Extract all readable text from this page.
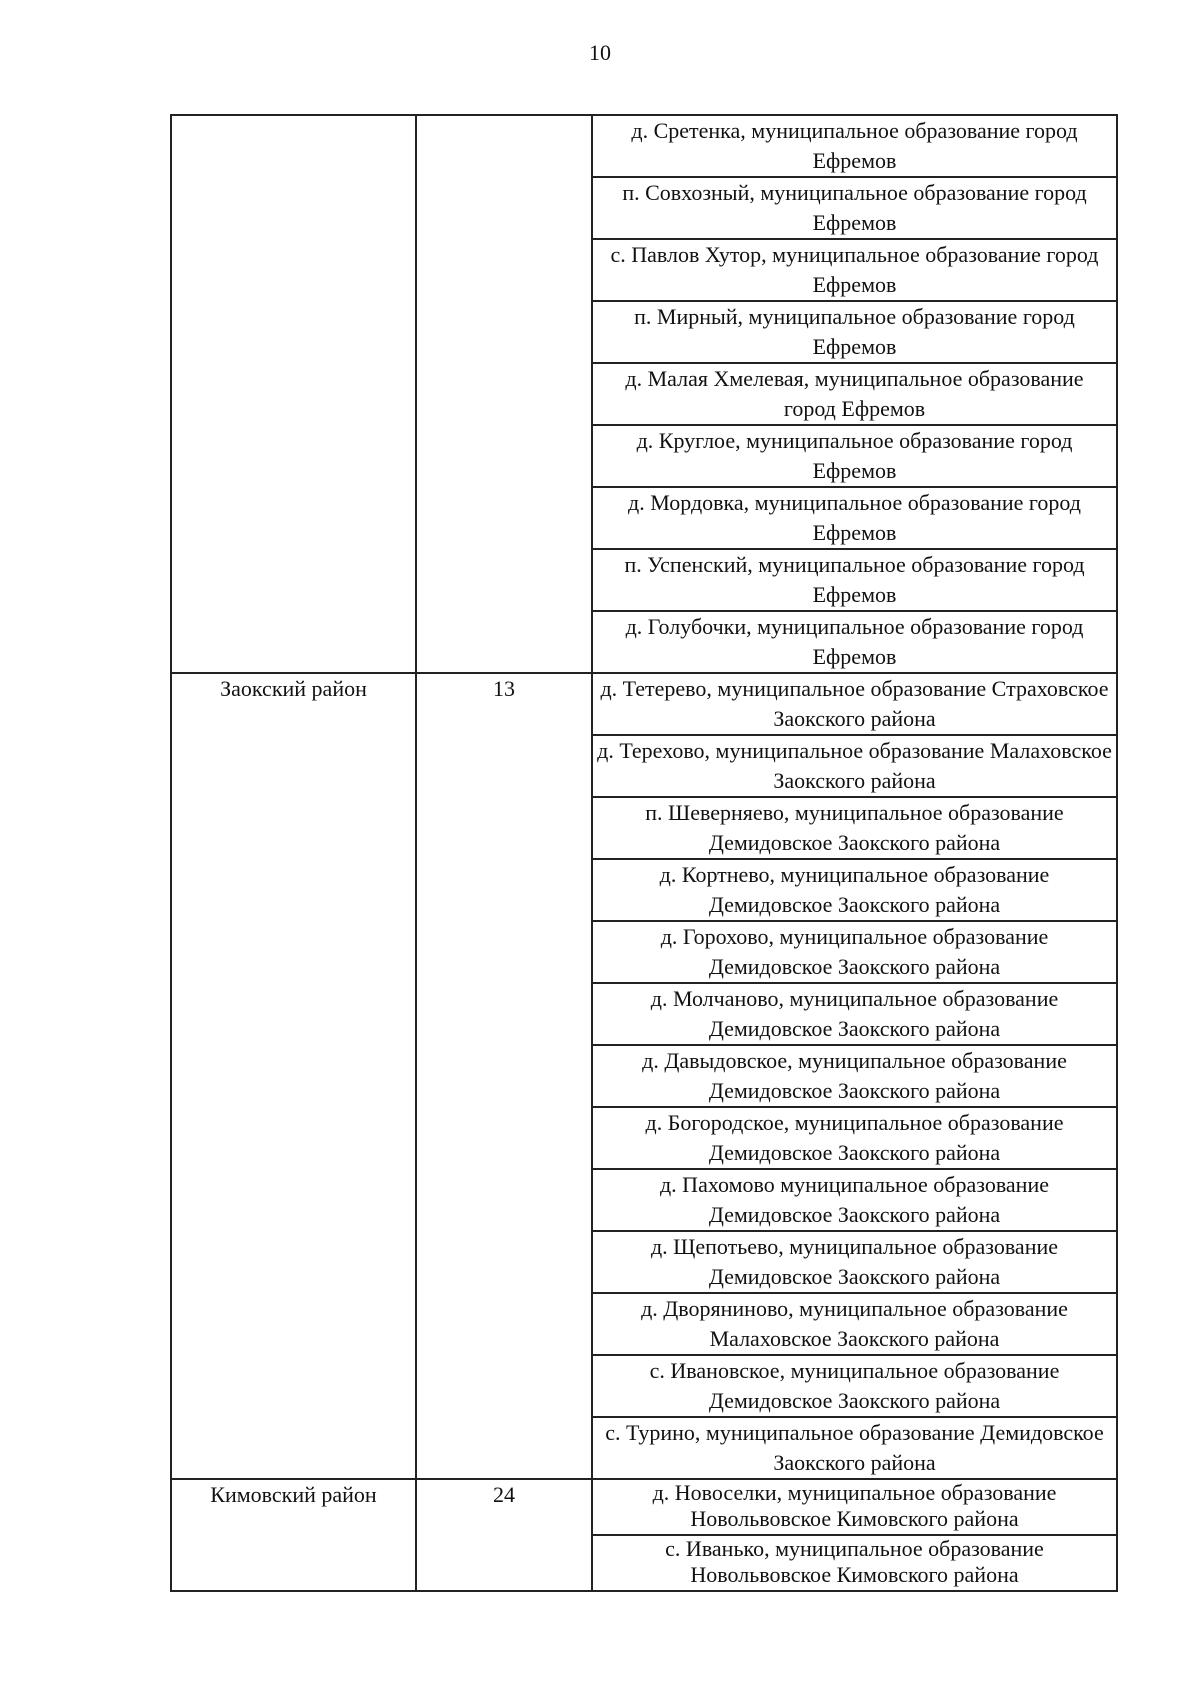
10
		д. Сретенка, муниципальное образование город Ефремов
		п. Совхозный, муниципальное образование город Ефремов
		с. Павлов Хутор, муниципальное образование город Ефремов
		п. Мирный, муниципальное образование город Ефремов
		д. Малая Хмелевая, муниципальное образование город Ефремов
		д. Круглое, муниципальное образование город Ефремов
		д. Мордовка, муниципальное образование город Ефремов
		п. Успенский, муниципальное образование город Ефремов
		д. Голубочки, муниципальное образование город Ефремов
Заокский район	13	д. Тетерево, муниципальное образование Страховское Заокского района
		д. Терехово, муниципальное образование Малаховское Заокского района
		п. Шеверняево, муниципальное образование Демидовское Заокского района
		д. Кортнево, муниципальное образование Демидовское Заокского района
		д. Горохово, муниципальное образование Демидовское Заокского района
		д. Молчаново, муниципальное образование Демидовское Заокского района
		д. Давыдовское, муниципальное образование Демидовское Заокского района
		д. Богородское, муниципальное образование Демидовское Заокского района
		д. Пахомово муниципальное образование Демидовское Заокского района
		д. Щепотьево, муниципальное образование Демидовское Заокского района
		д. Дворяниново, муниципальное образование Малаховское Заокского района
		с. Ивановское, муниципальное образование Демидовское Заокского района
		с. Турино, муниципальное образование Демидовское Заокского района
Кимовский район	24	д. Новоселки, муниципальное образование Новольвовское Кимовского района
		с. Иванько, муниципальное образование Новольвовское Кимовского района
